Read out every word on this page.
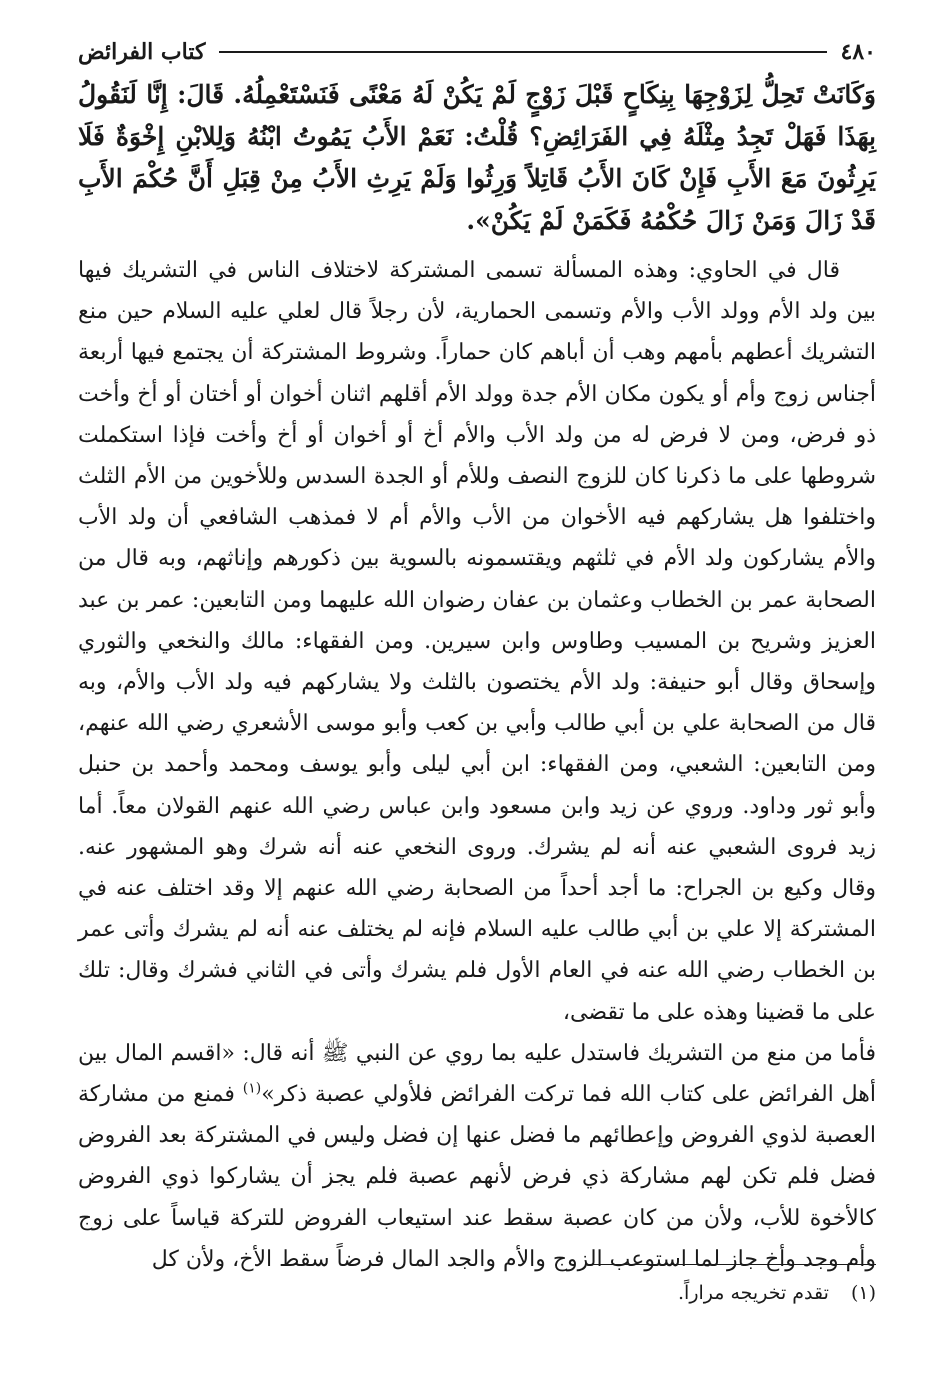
٤٨٠
كتاب الفرائض
وَكَانَتْ تَحِلُّ لِزَوْجِهَا بِنِكَاحٍ قَبْلَ زَوْجٍ لَمْ يَكُنْ لَهُ مَعْنًى فَنَسْتَعْمِلُهُ. قَالَ: إِنَّا لَنَقُولُ بِهَذَا فَهَلْ تَجِدُ مِثْلَهُ فِي الفَرَائِضِ؟ قُلْتُ: نَعَمْ الأَبُ يَمُوتُ ابْنُهُ وَلِلابْنِ إِخْوَةٌ فَلَا يَرِثُونَ مَعَ الأَبِ فَإِنْ كَانَ الأَبُ قَاتِلاً وَرِثُوا وَلَمْ يَرِثِ الأَبُ مِنْ قِبَلِ أَنَّ حُكْمَ الأَبِ قَدْ زَالَ وَمَنْ زَالَ حُكْمُهُ فَكَمَنْ لَمْ يَكُنْ».

قال في الحاوي: وهذه المسألة تسمى المشتركة لاختلاف الناس في التشريك فيها بين ولد الأم وولد الأب والأم وتسمى الحمارية، لأن رجلاً قال لعلي عليه السلام حين منع التشريك أعطهم بأمهم وهب أن أباهم كان حماراً. وشروط المشتركة أن يجتمع فيها أربعة أجناس زوج وأم أو يكون مكان الأم جدة وولد الأم أقلهم اثنان أخوان أو أختان أو أخ وأخت ذو فرض، ومن لا فرض له من ولد الأب والأم أخ أو أخوان أو أخ وأخت فإذا استكملت شروطها على ما ذكرنا كان للزوج النصف وللأم أو الجدة السدس وللأخوين من الأم الثلث واختلفوا هل يشاركهم فيه الأخوان من الأب والأم أم لا فمذهب الشافعي أن ولد الأب والأم يشاركون ولد الأم في ثلثهم ويقتسمونه بالسوية بين ذكورهم وإناثهم، وبه قال من الصحابة عمر بن الخطاب وعثمان بن عفان رضوان الله عليهما ومن التابعين: عمر بن عبد العزيز وشريح بن المسيب وطاوس وابن سيرين. ومن الفقهاء: مالك والنخعي والثوري وإسحاق وقال أبو حنيفة: ولد الأم يختصون بالثلث ولا يشاركهم فيه ولد الأب والأم، وبه قال من الصحابة علي بن أبي طالب وأبي بن كعب وأبو موسى الأشعري رضي الله عنهم، ومن التابعين: الشعبي، ومن الفقهاء: ابن أبي ليلى وأبو يوسف ومحمد وأحمد بن حنبل وأبو ثور وداود. وروي عن زيد وابن مسعود وابن عباس رضي الله عنهم القولان معاً. أما زيد فروى الشعبي عنه أنه لم يشرك. وروى النخعي عنه أنه شرك وهو المشهور عنه. وقال وكيع بن الجراح: ما أجد أحداً من الصحابة رضي الله عنهم إلا وقد اختلف عنه في المشتركة إلا علي بن أبي طالب عليه السلام فإنه لم يختلف عنه أنه لم يشرك وأتى عمر بن الخطاب رضي الله عنه في العام الأول فلم يشرك وأتى في الثاني فشرك وقال: تلك على ما قضينا وهذه على ما تقضى،

فأما من منع من التشريك فاستدل عليه بما روي عن النبي ﷺ أنه قال: «اقسم المال بين أهل الفرائض على كتاب الله فما تركت الفرائض فلأولي عصبة ذكر»$^{(١)}$ فمنع من مشاركة العصبة لذوي الفروض وإعطائهم ما فضل عنها إن فضل وليس في المشتركة بعد الفروض فضل فلم تكن لهم مشاركة ذي فرض لأنهم عصبة فلم يجز أن يشاركوا ذوي الفروض كالأخوة للأب، ولأن من كان عصبة سقط عند استيعاب الفروض للتركة قياساً على زوج وأم وجد وأخ جاز لما استوعب الزوج والأم والجد المال فرضاً سقط الأخ، ولأن كل

(١)تقدم تخريجه مراراً.
